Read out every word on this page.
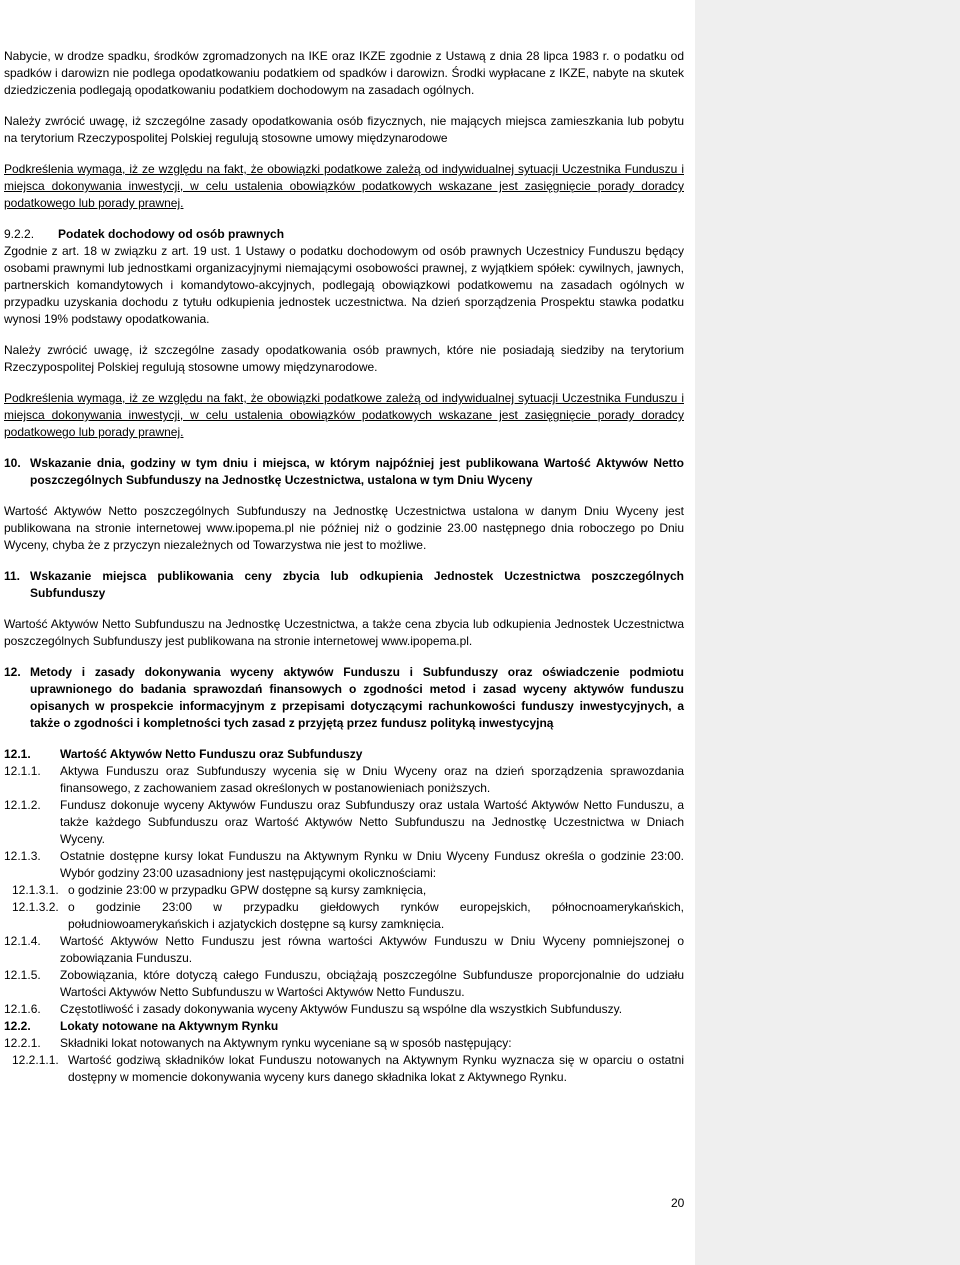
Nabycie, w drodze spadku, środków zgromadzonych na IKE oraz IKZE zgodnie z Ustawą z dnia 28 lipca 1983 r. o podatku od spadków i darowizn nie podlega opodatkowaniu podatkiem od spadków i darowizn. Środki wypłacane z IKZE, nabyte na skutek dziedziczenia podlegają opodatkowaniu podatkiem dochodowym na zasadach ogólnych.

Należy zwrócić uwagę, iż szczególne zasady opodatkowania osób fizycznych, nie mających miejsca zamieszkania lub pobytu na terytorium Rzeczypospolitej Polskiej regulują stosowne umowy międzynarodowe

Podkreślenia wymaga, iż ze względu na fakt, że obowiązki podatkowe zależą od indywidualnej sytuacji Uczestnika Funduszu i miejsca dokonywania inwestycji, w celu ustalenia obowiązków podatkowych wskazane jest zasięgnięcie porady doradcy podatkowego lub porady prawnej.

9.2.2. Podatek dochodowy od osób prawnych

Zgodnie z art. 18 w związku z art. 19 ust. 1 Ustawy o podatku dochodowym od osób prawnych Uczestnicy Funduszu będący osobami prawnymi lub jednostkami organizacyjnymi niemającymi osobowości prawnej, z wyjątkiem spółek: cywilnych, jawnych, partnerskich komandytowych i komandytowo-akcyjnych, podlegają obowiązkowi podatkowemu na zasadach ogólnych w przypadku uzyskania dochodu z tytułu odkupienia jednostek uczestnictwa. Na dzień sporządzenia Prospektu stawka podatku wynosi 19% podstawy opodatkowania.

Należy zwrócić uwagę, iż szczególne zasady opodatkowania osób prawnych, które nie posiadają siedziby na terytorium Rzeczypospolitej Polskiej regulują stosowne umowy międzynarodowe.

Podkreślenia wymaga, iż ze względu na fakt, że obowiązki podatkowe zależą od indywidualnej sytuacji Uczestnika Funduszu i miejsca dokonywania inwestycji, w celu ustalenia obowiązków podatkowych wskazane jest zasięgnięcie porady doradcy podatkowego lub porady prawnej.

10. Wskazanie dnia, godziny w tym dniu i miejsca, w którym najpóźniej jest publikowana Wartość Aktywów Netto poszczególnych Subfunduszy na Jednostkę Uczestnictwa, ustalona w tym Dniu Wyceny

Wartość Aktywów Netto poszczególnych Subfunduszy na Jednostkę Uczestnictwa ustalona w danym Dniu Wyceny jest publikowana na stronie internetowej www.ipopema.pl nie później niż o godzinie 23.00 następnego dnia roboczego po Dniu Wyceny, chyba że z przyczyn niezależnych od Towarzystwa nie jest to możliwe.

11. Wskazanie miejsca publikowania ceny zbycia lub odkupienia Jednostek Uczestnictwa poszczególnych Subfunduszy

Wartość Aktywów Netto Subfunduszu na Jednostkę Uczestnictwa, a także cena zbycia lub odkupienia Jednostek Uczestnictwa poszczególnych Subfunduszy jest publikowana na stronie internetowej www.ipopema.pl.

12. Metody i zasady dokonywania wyceny aktywów Funduszu i Subfunduszy oraz oświadczenie podmiotu uprawnionego do badania sprawozdań finansowych o zgodności metod i zasad wyceny aktywów funduszu opisanych w prospekcie informacyjnym z przepisami dotyczącymi rachunkowości funduszy inwestycyjnych, a także o zgodności i kompletności tych zasad z przyjętą przez fundusz polityką inwestycyjną
12.1. Wartość Aktywów Netto Funduszu oraz Subfunduszy
12.1.1. Aktywa Funduszu oraz Subfunduszy wycenia się w Dniu Wyceny oraz na dzień sporządzenia sprawozdania finansowego, z zachowaniem zasad określonych w postanowieniach poniższych.
12.1.2. Fundusz dokonuje wyceny Aktywów Funduszu oraz Subfunduszy oraz ustala Wartość Aktywów Netto Funduszu, a także każdego Subfunduszu oraz Wartość Aktywów Netto Subfunduszu na Jednostkę Uczestnictwa w Dniach Wyceny.
12.1.3. Ostatnie dostępne kursy lokat Funduszu na Aktywnym Rynku w Dniu Wyceny Fundusz określa o godzinie 23:00. Wybór godziny 23:00 uzasadniony jest następującymi okolicznościami:
12.1.3.1. o godzinie 23:00 w przypadku GPW dostępne są kursy zamknięcia,
12.1.3.2. o godzinie 23:00 w przypadku giełdowych rynków europejskich, północnoamerykańskich, południowoamerykańskich i azjatyckich dostępne są kursy zamknięcia.
12.1.4. Wartość Aktywów Netto Funduszu jest równa wartości Aktywów Funduszu w Dniu Wyceny pomniejszonej o zobowiązania Funduszu.
12.1.5. Zobowiązania, które dotyczą całego Funduszu, obciążają poszczególne Subfundusze proporcjonalnie do udziału Wartości Aktywów Netto Subfunduszu w Wartości Aktywów Netto Funduszu.
12.1.6. Częstotliwość i zasady dokonywania wyceny Aktywów Funduszu są wspólne dla wszystkich Subfunduszy.
12.2. Lokaty notowane na Aktywnym Rynku
12.2.1. Składniki lokat notowanych na Aktywnym rynku wyceniane są w sposób następujący:
12.2.1.1. Wartość godziwą składników lokat Funduszu notowanych na Aktywnym Rynku wyznacza się w oparciu o ostatni dostępny w momencie dokonywania wyceny kurs danego składnika lokat z Aktywnego Rynku.
20
